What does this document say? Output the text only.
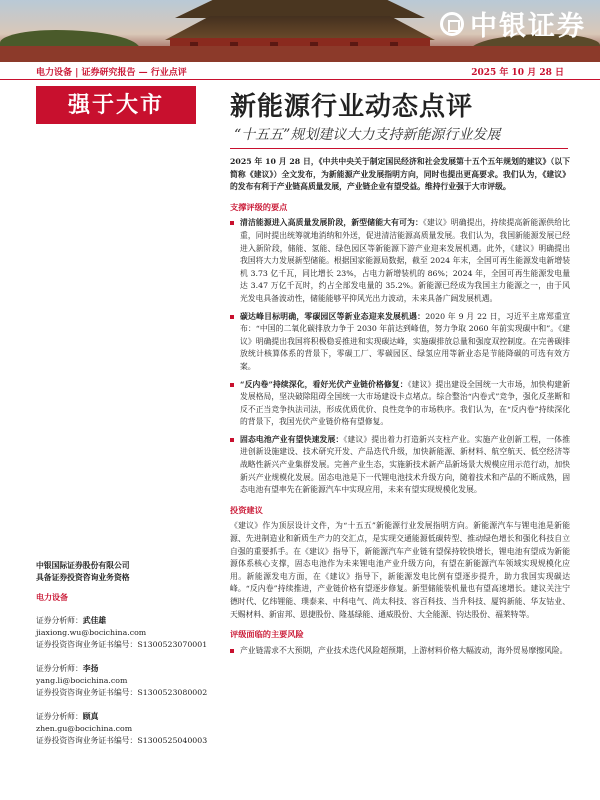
中银证券
电力设备 | 证券研究报告 — 行业点评	2025 年 10 月 28 日
强于大市	新能源行业动态点评
“十五五”规划建议大力支持新能源行业发展

2025 年 10 月 28 日，《中共中央关于制定国民经济和社会发展第十五个五年规划的建议》（以下简称《建议》）全文发布，为新能源产业发展指明方向，同时也提出更高要求。我们认为，《建议》的发布有利于产业链高质量发展，产业链企业有望受益。维持行业强于大市评级。

支撑评级的要点
清洁能源进入高质量发展阶段，新型储能大有可为：《建议》明确提出，持续提高新能源供给比重，同时提出统筹就地消纳和外送，促进清洁能源高质量发展。我们认为，我国新能源发展已经进入新阶段，储能、氢能、绿色园区等新能源下游产业迎来发展机遇。此外，《建议》明确提出我国将大力发展新型储能。根据国家能源局数据，截至 2024 年末，全国可再生能源发电新增装机 3.73 亿千瓦，同比增长 23%，占电力新增装机的 86%；2024 年，全国可再生能源发电量达 3.47 万亿千瓦时，约占全部发电量的 35.2%。新能源已经成为我国主力能源之一，由于风光发电具备波动性，储能能够平抑风光出力波动，未来具备广阔发展机遇。
碳达峰目标明确，零碳园区等新业态迎来发展机遇：2020 年 9 月 22 日，习近平主席郑重宣布：“中国的二氧化碳排放力争于 2030 年前达到峰值，努力争取 2060 年前实现碳中和”。《建议》明确提出我国将积极稳妥推进和实现碳达峰，实施碳排放总量和强度双控制度。在完善碳排放统计核算体系的背景下，零碳工厂、零碳园区、绿氢应用等新业态是节能降碳的可选有效方案。
“反内卷”持续深化，看好光伏产业链价格修复：《建议》提出建设全国统一大市场，加快构建新发展格局，坚决破除阻碍全国统一大市场建设卡点堵点。综合整治“内卷式”竞争，强化反垄断和反不正当竞争执法司法，形成优质优价、良性竞争的市场秩序。我们认为，在“反内卷”持续深化的背景下，我国光伏产业链价格有望修复。
固态电池产业有望快速发展：《建议》提出着力打造新兴支柱产业。实施产业创新工程，一体推进创新设施建设、技术研究开发、产品迭代升级，加快新能源、新材料、航空航天、低空经济等战略性新兴产业集群发展。完善产业生态，实施新技术新产品新场景大规模应用示范行动，加快新兴产业规模化发展。固态电池是下一代锂电池技术升级方向，随着技术和产品的不断成熟，固态电池有望率先在新能源汽车中实现应用，未来有望实现规模化发展。
投资建议

《建议》作为顶层设计文件，为“十五五”新能源行业发展指明方向。新能源汽车与锂电池是新能源、先进制造业和新质生产力的交汇点，是实现交通能源低碳转型、推动绿色增长和强化科技自立自强的重要抓手。在《建议》指导下，新能源汽车产业链有望保持较快增长，锂电池有望成为新能源体系核心支撑，固态电池作为未来锂电池产业升级方向，有望在新能源汽车领域实现规模化应用。新能源发电方面，在《建议》指导下，新能源发电比例有望逐步提升，助力我国实现碳达峰。“反内卷”持续推进，产业链价格有望逐步修复。新型储能装机量也有望高速增长。建议关注宁德时代、亿纬锂能、璞泰来、中科电气、尚太科技、容百科技、当升科技、厦钨新能、华友钴业、天赐材料、新宙邦、恩捷股份、隆基绿能、通威股份、大全能源、钧达股份、福莱特等。

评级面临的主要风险
产业链需求不大预期，产业技术迭代风险超预期，上游材料价格大幅波动，海外贸易摩擦风险。
中银国际证券股份有限公司
具备证券投资咨询业务资格
电力设备
证券分析师：武佳雄
jiaxiong.wu@bocichina.com
证券投资咨询业务证书编号：S1300523070001
证券分析师：李扬
yang.li@bocichina.com
证券投资咨询业务证书编号：S1300523080002
证券分析师：顾真
zhen.gu@bocichina.com
证券投资咨询业务证书编号：S1300525040003
